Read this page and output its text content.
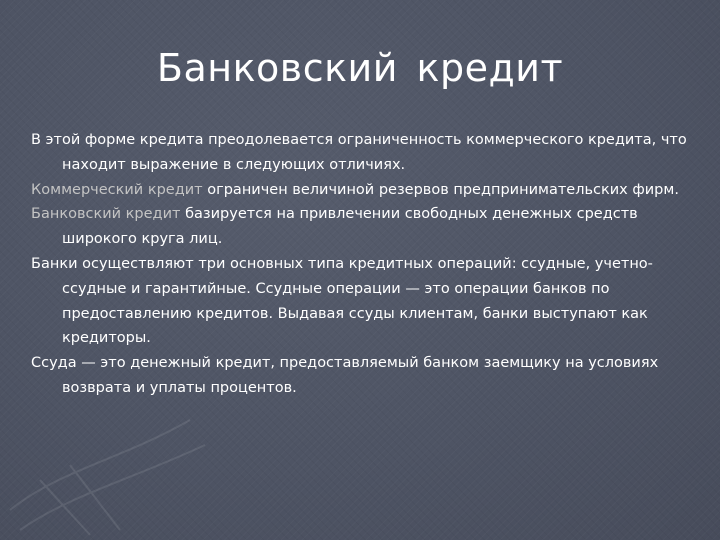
Банковский кредит

В этой форме кредита преодолевается ограниченность коммерческого кредита, что находит выражение в следующих отличиях.

Коммерческий кредит ограничен величиной резервов предпринимательских фирм.

Банковский кредит базируется на привлечении свободных денежных средств широкого круга лиц.

Банки осуществляют три основных типа кредитных операций: ссудные, учетно-ссудные и гарантийные. Ссудные операции — это операции банков по предоставлению кредитов. Выдавая ссуды клиентам, банки выступают как кредиторы.

Ссуда — это денежный кредит, предоставляемый банком заемщику на условиях возврата и уплаты процентов.
